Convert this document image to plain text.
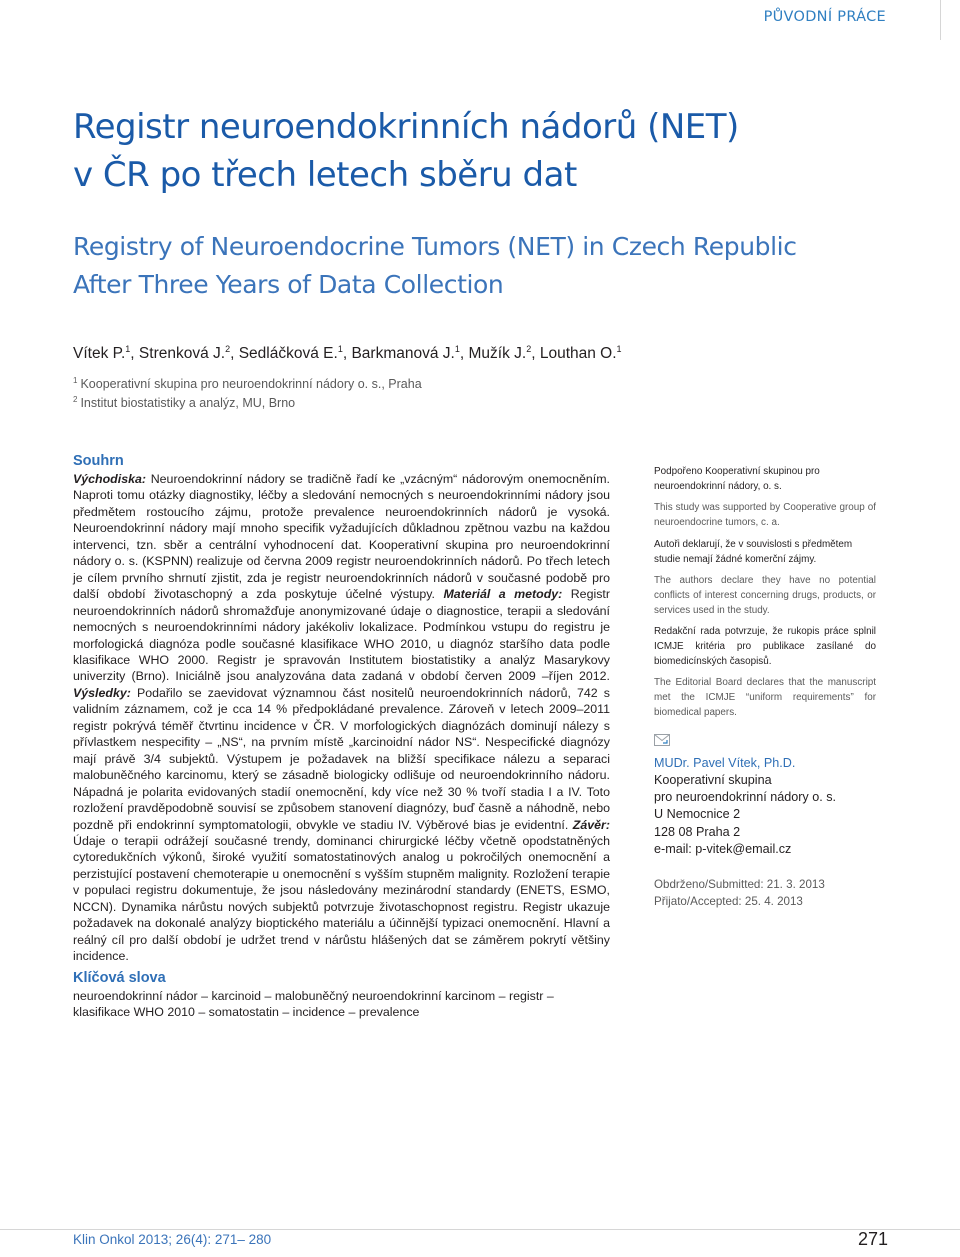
PŮVODNÍ PRÁCE
Registr neuroendokrinních nádorů (NET)
v ČR po třech letech sběru dat
Registry of Neuroendocrine Tumors (NET) in Czech Republic
After Three Years of Data Collection
Vítek P.$^1$, Strenková J.$^2$, Sedláčková E.$^1$, Barkmanová J.$^1$, Mužík J.$^2$, Louthan O.$^1$
$^1$ Kooperativní skupina pro neuroendokrinní nádory o. s., Praha
$^2$ Institut biostatistiky a analýz, MU, Brno
Souhrn

Východiska: Neuroendokrinní nádory se tradičně řadí ke „vzácným“ nádorovým onemocněním. Naproti tomu otázky diagnostiky, léčby a sledování nemocných s neuroendokrinními nádory jsou předmětem rostoucího zájmu, protože prevalence neuroendokrinních nádorů je vysoká. Neuroendokrinní nádory mají mnoho specifik vyžadujících důkladnou zpětnou vazbu na každou intervenci, tzn. sběr a centrální vyhodnocení dat. Kooperativní skupina pro neuroendokrinní nádory o. s. (KSPNN) realizuje od června 2009 registr neuroendokrinních nádorů. Po třech letech je cílem prvního shrnutí zjistit, zda je registr neuroendokrinních nádorů v současné podobě pro další období životaschopný a zda poskytuje účelné výstupy. Materiál a metody: Registr neuroendokrinních nádorů shromažďuje anonymizované údaje o diagnostice, terapii a sledování nemocných s neuroendokrinními nádory jakékoliv lokalizace. Podmínkou vstupu do registru je morfologická diagnóza podle současné klasifikace WHO 2010, u diagnóz staršího data podle klasifikace WHO 2000. Registr je spravován Institutem biostatistiky a analýz Masarykovy univerzity (Brno). Iniciálně jsou analyzována data zadaná v období červen 2009 –říjen 2012. Výsledky: Podařilo se zaevidovat významnou část nositelů neuroendokrinních nádorů, 742 s validním záznamem, což je cca 14 % předpokládané prevalence. Zároveň v letech 2009–2011 registr pokrývá téměř čtvrtinu incidence v ČR. V morfologických diagnózách dominují nálezy s přívlastkem nespecifity – „NS“, na prvním místě „karcinoidní nádor NS“. Nespecifické diagnózy mají právě 3/4 subjektů. Výstupem je požadavek na bližší specifikace nálezu a separaci malobuněčného karcinomu, který se zásadně biologicky odlišuje od neuroendokrinního nádoru. Nápadná je polarita evidovaných stadií onemocnění, kdy více než 30 % tvoří stadia I a IV. Toto rozložení pravděpodobně souvisí se způsobem stanovení diagnózy, buď časně a náhodně, nebo pozdně při endokrinní symptomatologii, obvykle ve stadiu IV. Výběrové bias je evidentní. Závěr: Údaje o terapii odrážejí současné trendy, dominanci chirurgické léčby včetně opodstatněných cytoredukčních výkonů, široké využití somatostatinových analog u pokročilých onemocnění a perzistující postavení chemoterapie u onemocnění s vyšším stupněm malignity. Rozložení terapie v populaci registru dokumentuje, že jsou následovány mezinárodní standardy (ENETS, ESMO, NCCN). Dynamika nárůstu nových subjektů potvrzuje životaschopnost registru. Registr ukazuje požadavek na dokonalé analýzy bioptického materiálu a účinnější typizaci onemocnění. Hlavní a reálný cíl pro další období je udržet trend v nárůstu hlášených dat se záměrem pokrytí většiny incidence.

Klíčová slova

neuroendokrinní nádor – karcinoid – malobuněčný neuroendokrinní karcinom – registr – klasifikace WHO 2010 – somatostatin – incidence – prevalence

Podpořeno Kooperativní skupinou pro neuroendokrinní nádory, o. s.

This study was supported by Cooperative group of neuroendocrine tumors, c. a.

Autoři deklarují, že v souvislosti s předmětem studie nemají žádné komerční zájmy.

The authors declare they have no potential conflicts of interest concerning drugs, products, or services used in the study.

Redakční rada potvrzuje, že rukopis práce splnil ICMJE kritéria pro publikace zasílané do biomedicínských časopisů.

The Editorial Board declares that the manuscript met the ICMJE “uniform requirements” for biomedical papers.

MUDr. Pavel Vítek, Ph.D.
Kooperativní skupina
pro neuroendokrinní nádory o. s.
U Nemocnice 2
128 08 Praha 2
e-mail: p-vitek@email.cz
Obdrženo/Submitted: 21. 3. 2013
Přijato/Accepted: 25. 4. 2013
Klin Onkol 2013; 26(4): 271– 280	271
